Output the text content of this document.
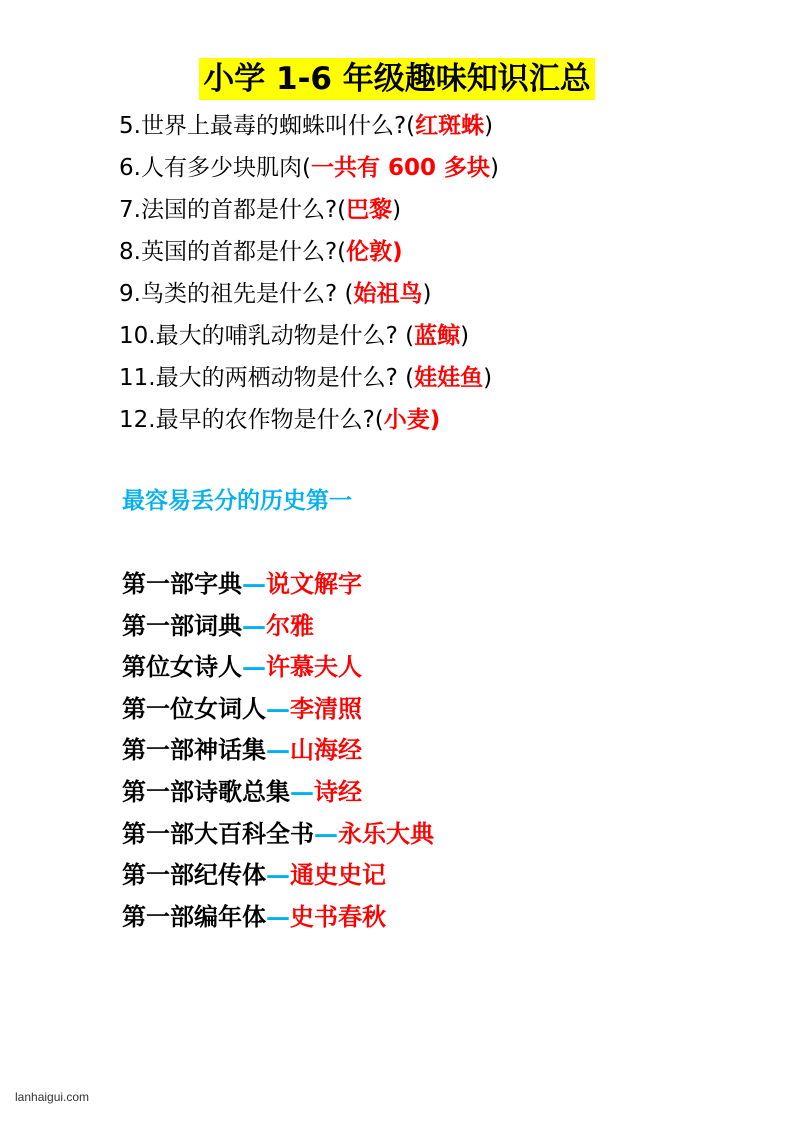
小学 1-6 年级趣味知识汇总
5.世界上最毒的蜘蛛叫什么?(红斑蛛)
6.人有多少块肌肉(一共有 600 多块)
7.法国的首都是什么?(巴黎)
8.英国的首都是什么?(伦敦)
9.鸟类的祖先是什么? (始祖鸟)
10.最大的哺乳动物是什么? (蓝鲸)
11.最大的两栖动物是什么? (娃娃鱼)
12.最早的农作物是什么?(小麦)
最容易丢分的历史第一
第一部字典—说文解字
第一部词典—尔雅
第位女诗人—许慕夫人
第一位女词人—李清照
第一部神话集—山海经
第一部诗歌总集—诗经
第一部大百科全书—永乐大典
第一部纪传体—通史史记
第一部编年体—史书春秋
lanhaigui.com
